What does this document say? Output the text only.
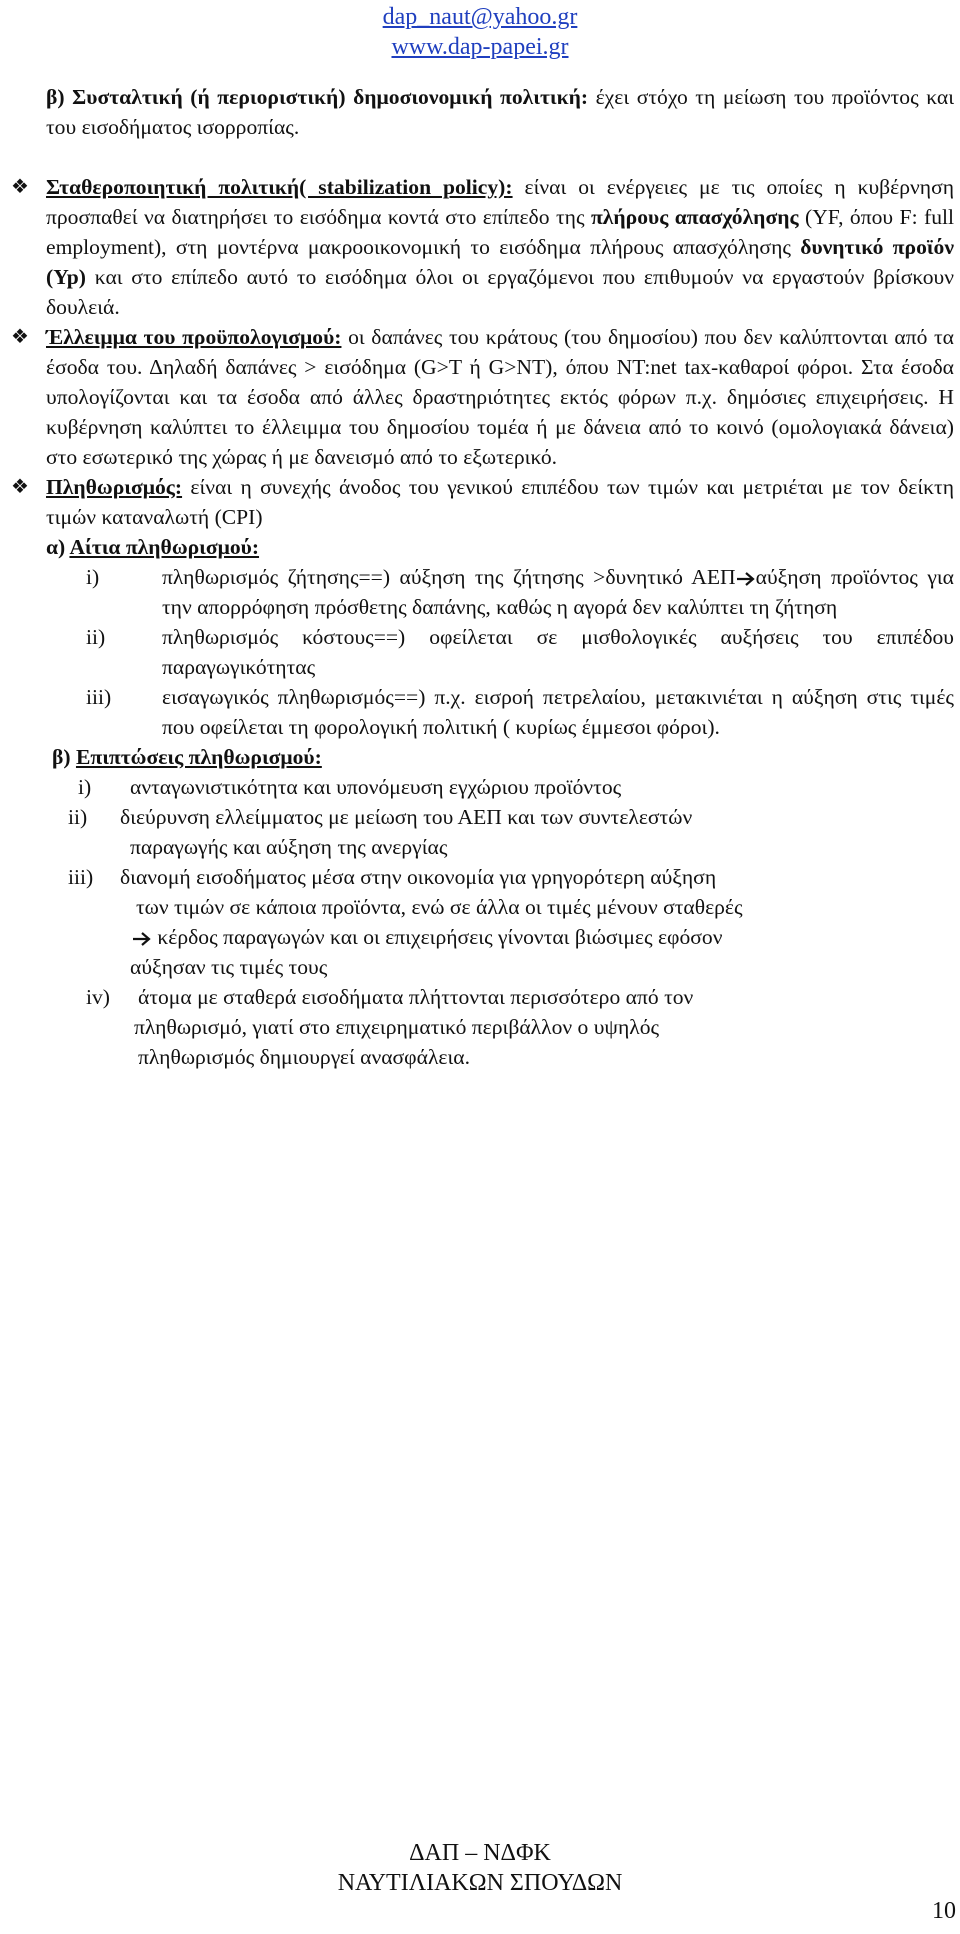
dap_naut@yahoo.gr
www.dap-papei.gr

β) Συσταλτική (ή περιοριστική) δημοσιονομική πολιτική: έχει στόχο τη μείωση του προϊόντος και του εισοδήματος ισορροπίας.

❖ Σταθεροποιητική πολιτική( stabilization policy): είναι οι ενέργειες με τις οποίες η κυβέρνηση προσπαθεί να διατηρήσει το εισόδημα κοντά στο επίπεδο της πλήρους απασχόλησης (YF, όπου F: full employment), στη μοντέρνα μακροοικονομική το εισόδημα πλήρους απασχόλησης δυνητικό προϊόν (Yp) και στο επίπεδο αυτό το εισόδημα όλοι οι εργαζόμενοι που επιθυμούν να εργαστούν βρίσκουν δουλειά.

❖ Έλλειμμα του προϋπολογισμού: οι δαπάνες του κράτους (του δημοσίου) που δεν καλύπτονται από τα έσοδα του. Δηλαδή δαπάνες > εισόδημα (G>T ή G>NT), όπου NT:net tax-καθαροί φόροι. Στα έσοδα υπολογίζονται και τα έσοδα από άλλες δραστηριότητες εκτός φόρων π.χ. δημόσιες επιχειρήσεις. Η κυβέρνηση καλύπτει το έλλειμμα του δημοσίου τομέα ή με δάνεια από το κοινό (ομολογιακά δάνεια) στο εσωτερικό της χώρας ή με δανεισμό από το εξωτερικό.

❖ Πληθωρισμός: είναι η συνεχής άνοδος του γενικού επιπέδου των τιμών και μετριέται με τον δείκτη τιμών καταναλωτή (CPI)

α) Αίτια πληθωρισμού:

i)	πληθωρισμός ζήτησης==) αύξηση της ζήτησης >δυνητικό ΑΕΠ αύξηση προϊόντος για την απορρόφηση πρόσθετης δαπάνης, καθώς η αγορά δεν καλύπτει τη ζήτηση
ii)	πληθωρισμός κόστους==) οφείλεται σε μισθολογικές αυξήσεις του επιπέδου παραγωγικότητας
iii)	εισαγωγικός πληθωρισμός==) π.χ. εισροή πετρελαίου, μετακινιέται η αύξηση στις τιμές που οφείλεται τη φορολογική πολιτική ( κυρίως έμμεσοι φόροι).

β) Επιπτώσεις πληθωρισμού:

i)	ανταγωνιστικότητα και υπονόμευση εγχώριου προϊόντος
ii)	διεύρυνση ελλείμματος με μείωση του ΑΕΠ και των συντελεστών

παραγωγής και αύξηση της ανεργίας

iii)	διανομή εισοδήματος μέσα στην οικονομία για γρηγορότερη αύξηση

των τιμών σε κάποια προϊόντα, ενώ σε άλλα οι τιμές μένουν σταθερές

κέρδος παραγωγών και οι επιχειρήσεις γίνονται βιώσιμες εφόσον

αύξησαν τις τιμές τους

iv)	άτομα με σταθερά εισοδήματα πλήττονται περισσότερο από τον

πληθωρισμό, γιατί στο επιχειρηματικό περιβάλλον ο υψηλός

πληθωρισμός δημιουργεί ανασφάλεια.

ΔΑΠ – ΝΔΦΚ
ΝΑΥΤΙΛΙΑΚΩΝ ΣΠΟΥΔΩΝ
10
